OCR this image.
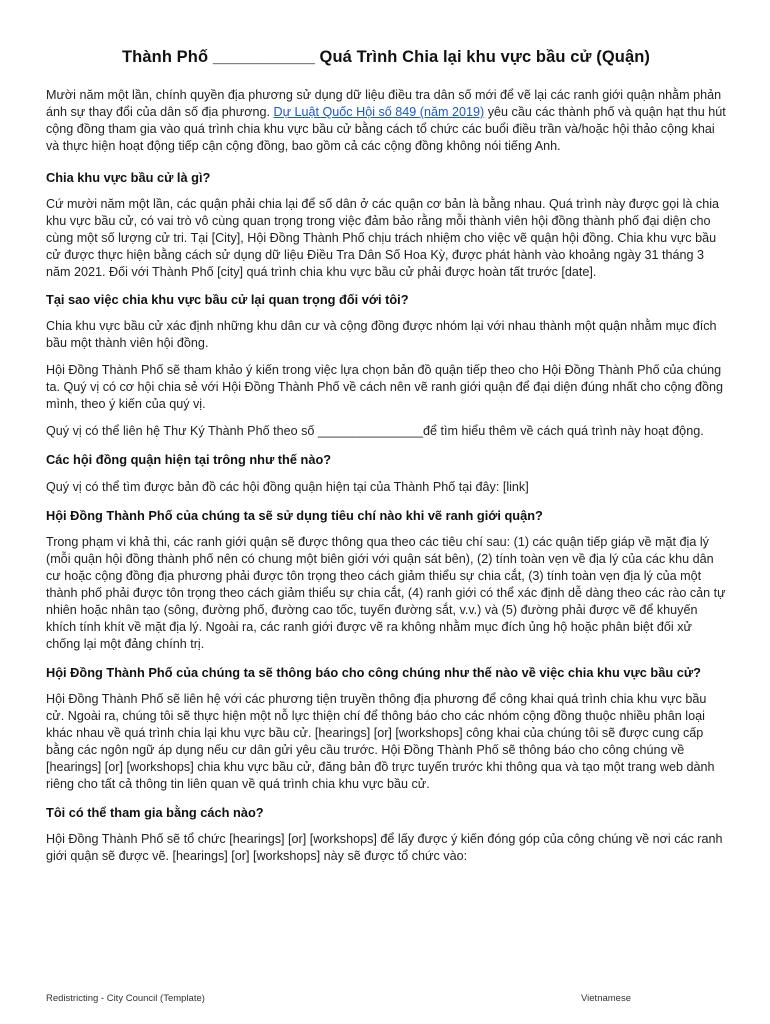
Thành Phố ___________ Quá Trình Chia lại khu vực bầu cử (Quận)

Mười năm một lần, chính quyền địa phương sử dụng dữ liệu điều tra dân số mới để vẽ lại các ranh giới quận nhằm phản ánh sự thay đổi của dân số địa phương. Dự Luật Quốc Hội số 849 (năm 2019) yêu cầu các thành phố và quận hạt thu hút cộng đồng tham gia vào quá trình chia khu vực bầu cử bằng cách tổ chức các buổi điều trần và/hoặc hội thảo cộng khai và thực hiện hoạt động tiếp cận cộng đồng, bao gồm cả các cộng đồng không nói tiếng Anh.

Chia khu vực bầu cử là gì?

Cứ mười năm một lần, các quận phải chia lại để số dân ở các quận cơ bản là bằng nhau. Quá trình này được gọi là chia khu vực bầu cử, có vai trò vô cùng quan trọng trong việc đảm bảo rằng mỗi thành viên hội đồng thành phố đại diện cho cùng một số lượng cử tri. Tại [City], Hội Đồng Thành Phố chịu trách nhiệm cho việc vẽ quận hội đồng. Chia khu vực bầu cử được thực hiện bằng cách sử dụng dữ liệu Điều Tra Dân Số Hoa Kỳ, được phát hành vào khoảng ngày 31 tháng 3 năm 2021. Đối với Thành Phố [city] quá trình chia khu vực bầu cử phải được hoàn tất trước [date].

Tại sao việc chia khu vực bầu cử lại quan trọng đối với tôi?

Chia khu vực bầu cử xác định những khu dân cư và cộng đồng được nhóm lại với nhau thành một quận nhằm mục đích bầu một thành viên hội đồng.

Hội Đồng Thành Phố sẽ tham khảo ý kiến trong việc lựa chọn bản đồ quận tiếp theo cho Hội Đồng Thành Phố của chúng ta. Quý vị có cơ hội chia sẻ với Hội Đồng Thành Phố về cách nên vẽ ranh giới quận để đại diện đúng nhất cho cộng đồng mình, theo ý kiến của quý vị.

Quý vị có thể liên hệ Thư Ký Thành Phố theo số _______________để tìm hiểu thêm về cách quá trình này hoạt động.

Các hội đồng quận hiện tại trông như thế nào?

Quý vị có thể tìm được bản đồ các hội đồng quận hiện tại của Thành Phố tại đây: [link]

Hội Đồng Thành Phố của chúng ta sẽ sử dụng tiêu chí nào khi vẽ ranh giới quận?

Trong phạm vi khả thi, các ranh giới quận sẽ được thông qua theo các tiêu chí sau: (1) các quận tiếp giáp về mặt địa lý (mỗi quận hội đồng thành phố nên có chung một biên giới với quận sát bên), (2) tính toàn vẹn về địa lý của các khu dân cư hoặc cộng đồng địa phương phải được tôn trọng theo cách giảm thiểu sự chia cắt, (3) tính toàn vẹn địa lý của một thành phố phải được tôn trọng theo cách giảm thiểu sự chia cắt, (4) ranh giới có thể xác định dễ dàng theo các rào cản tự nhiên hoặc nhân tạo (sông, đường phố, đường cao tốc, tuyến đường sắt, v.v.) và (5) đường phải được vẽ để khuyến khích tính khít về mặt địa lý. Ngoài ra, các ranh giới được vẽ ra không nhằm mục đích ủng hộ hoặc phân biệt đối xử chống lại một đảng chính trị.

Hội Đồng Thành Phố của chúng ta sẽ thông báo cho công chúng như thế nào về việc chia khu vực bầu cử?

Hội Đồng Thành Phố sẽ liên hệ với các phương tiện truyền thông địa phương để công khai quá trình chia khu vực bầu cử. Ngoài ra, chúng tôi sẽ thực hiện một nỗ lực thiện chí để thông báo cho các nhóm cộng đồng thuộc nhiều phân loại khác nhau về quá trình chia lại khu vực bầu cử. [hearings] [or] [workshops] công khai của chúng tôi sẽ được cung cấp bằng các ngôn ngữ áp dụng nếu cư dân gửi yêu cầu trước. Hội Đồng Thành Phố sẽ thông báo cho công chúng về [hearings] [or] [workshops] chia khu vực bầu cử, đăng bản đồ trực tuyến trước khi thông qua và tạo một trang web dành riêng cho tất cả thông tin liên quan về quá trình chia khu vực bầu cử.

Tôi có thể tham gia bằng cách nào?

Hội Đồng Thành Phố sẽ tổ chức [hearings] [or] [workshops] để lấy được ý kiến đóng góp của công chúng về nơi các ranh giới quận sẽ được vẽ. [hearings] [or] [workshops] này sẽ được tổ chức vào:

Redistricting - City Council (Template)	Vietnamese
